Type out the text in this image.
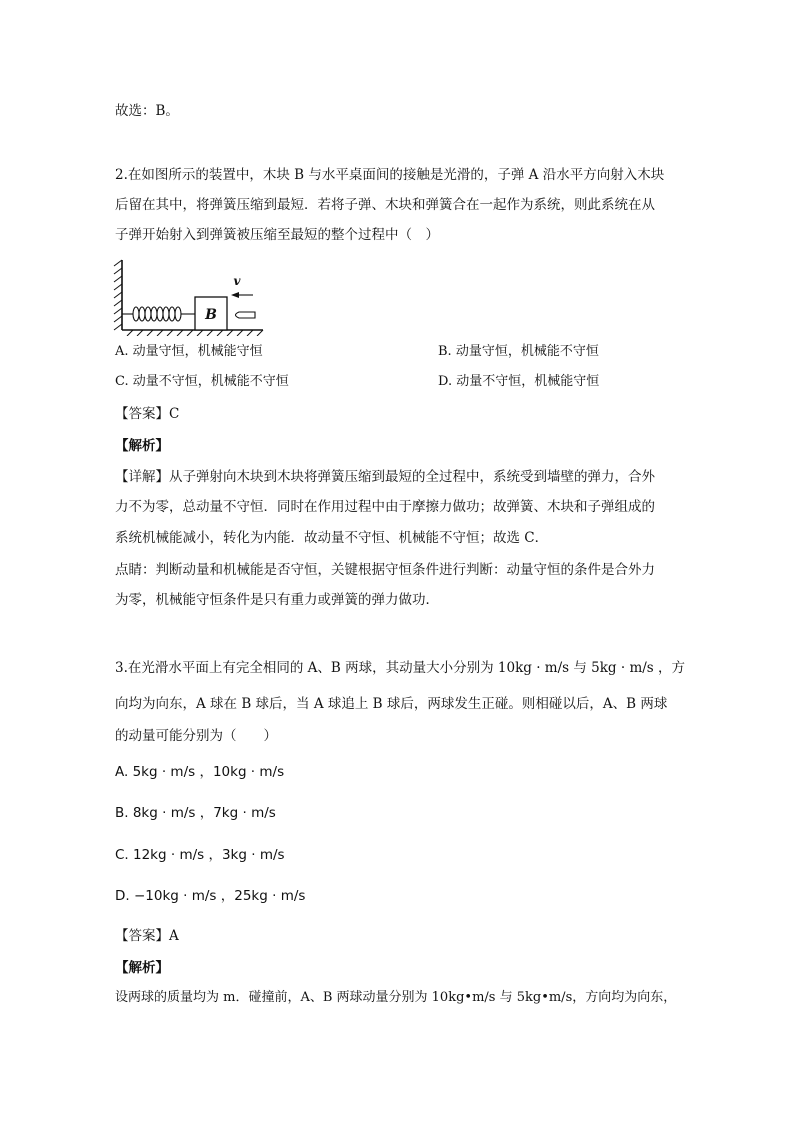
故选：B。
2.在如图所示的装置中，木块 B 与水平桌面间的接触是光滑的，子弹 A 沿水平方向射入木块
后留在其中，将弹簧压缩到最短．若将子弹、木块和弹簧合在一起作为系统，则此系统在从
子弹开始射入到弹簧被压缩至最短的整个过程中（　）
B
v
A. 动量守恒，机械能守恒	B. 动量守恒，机械能不守恒
C. 动量不守恒，机械能不守恒	D. 动量不守恒，机械能守恒
【答案】C
【解析】
【详解】从子弹射向木块到木块将弹簧压缩到最短的全过程中，系统受到墙壁的弹力，合外
力不为零，总动量不守恒．同时在作用过程中由于摩擦力做功；故弹簧、木块和子弹组成的
系统机械能减小，转化为内能．故动量不守恒、机械能不守恒；故选 C．
点睛：判断动量和机械能是否守恒，关键根据守恒条件进行判断：动量守恒的条件是合外力
为零，机械能守恒条件是只有重力或弹簧的弹力做功．
3.在光滑水平面上有完全相同的 A、B 两球，其动量大小分别为 10kg · m/s 与 5kg · m/s ，方
向均为向东，A 球在 B 球后，当 A 球追上 B 球后，两球发生正碰。则相碰以后，A、B 两球
的动量可能分别为（　　）
A. 5kg · m/s ，10kg · m/s
B. 8kg · m/s ，7kg · m/s
C. 12kg · m/s ，3kg · m/s
D. −10kg · m/s ，25kg · m/s
【答案】A
【解析】
设两球的质量均为 m．碰撞前，A、B 两球动量分别为 10kg•m/s 与 5kg•m/s，方向均为向东，
